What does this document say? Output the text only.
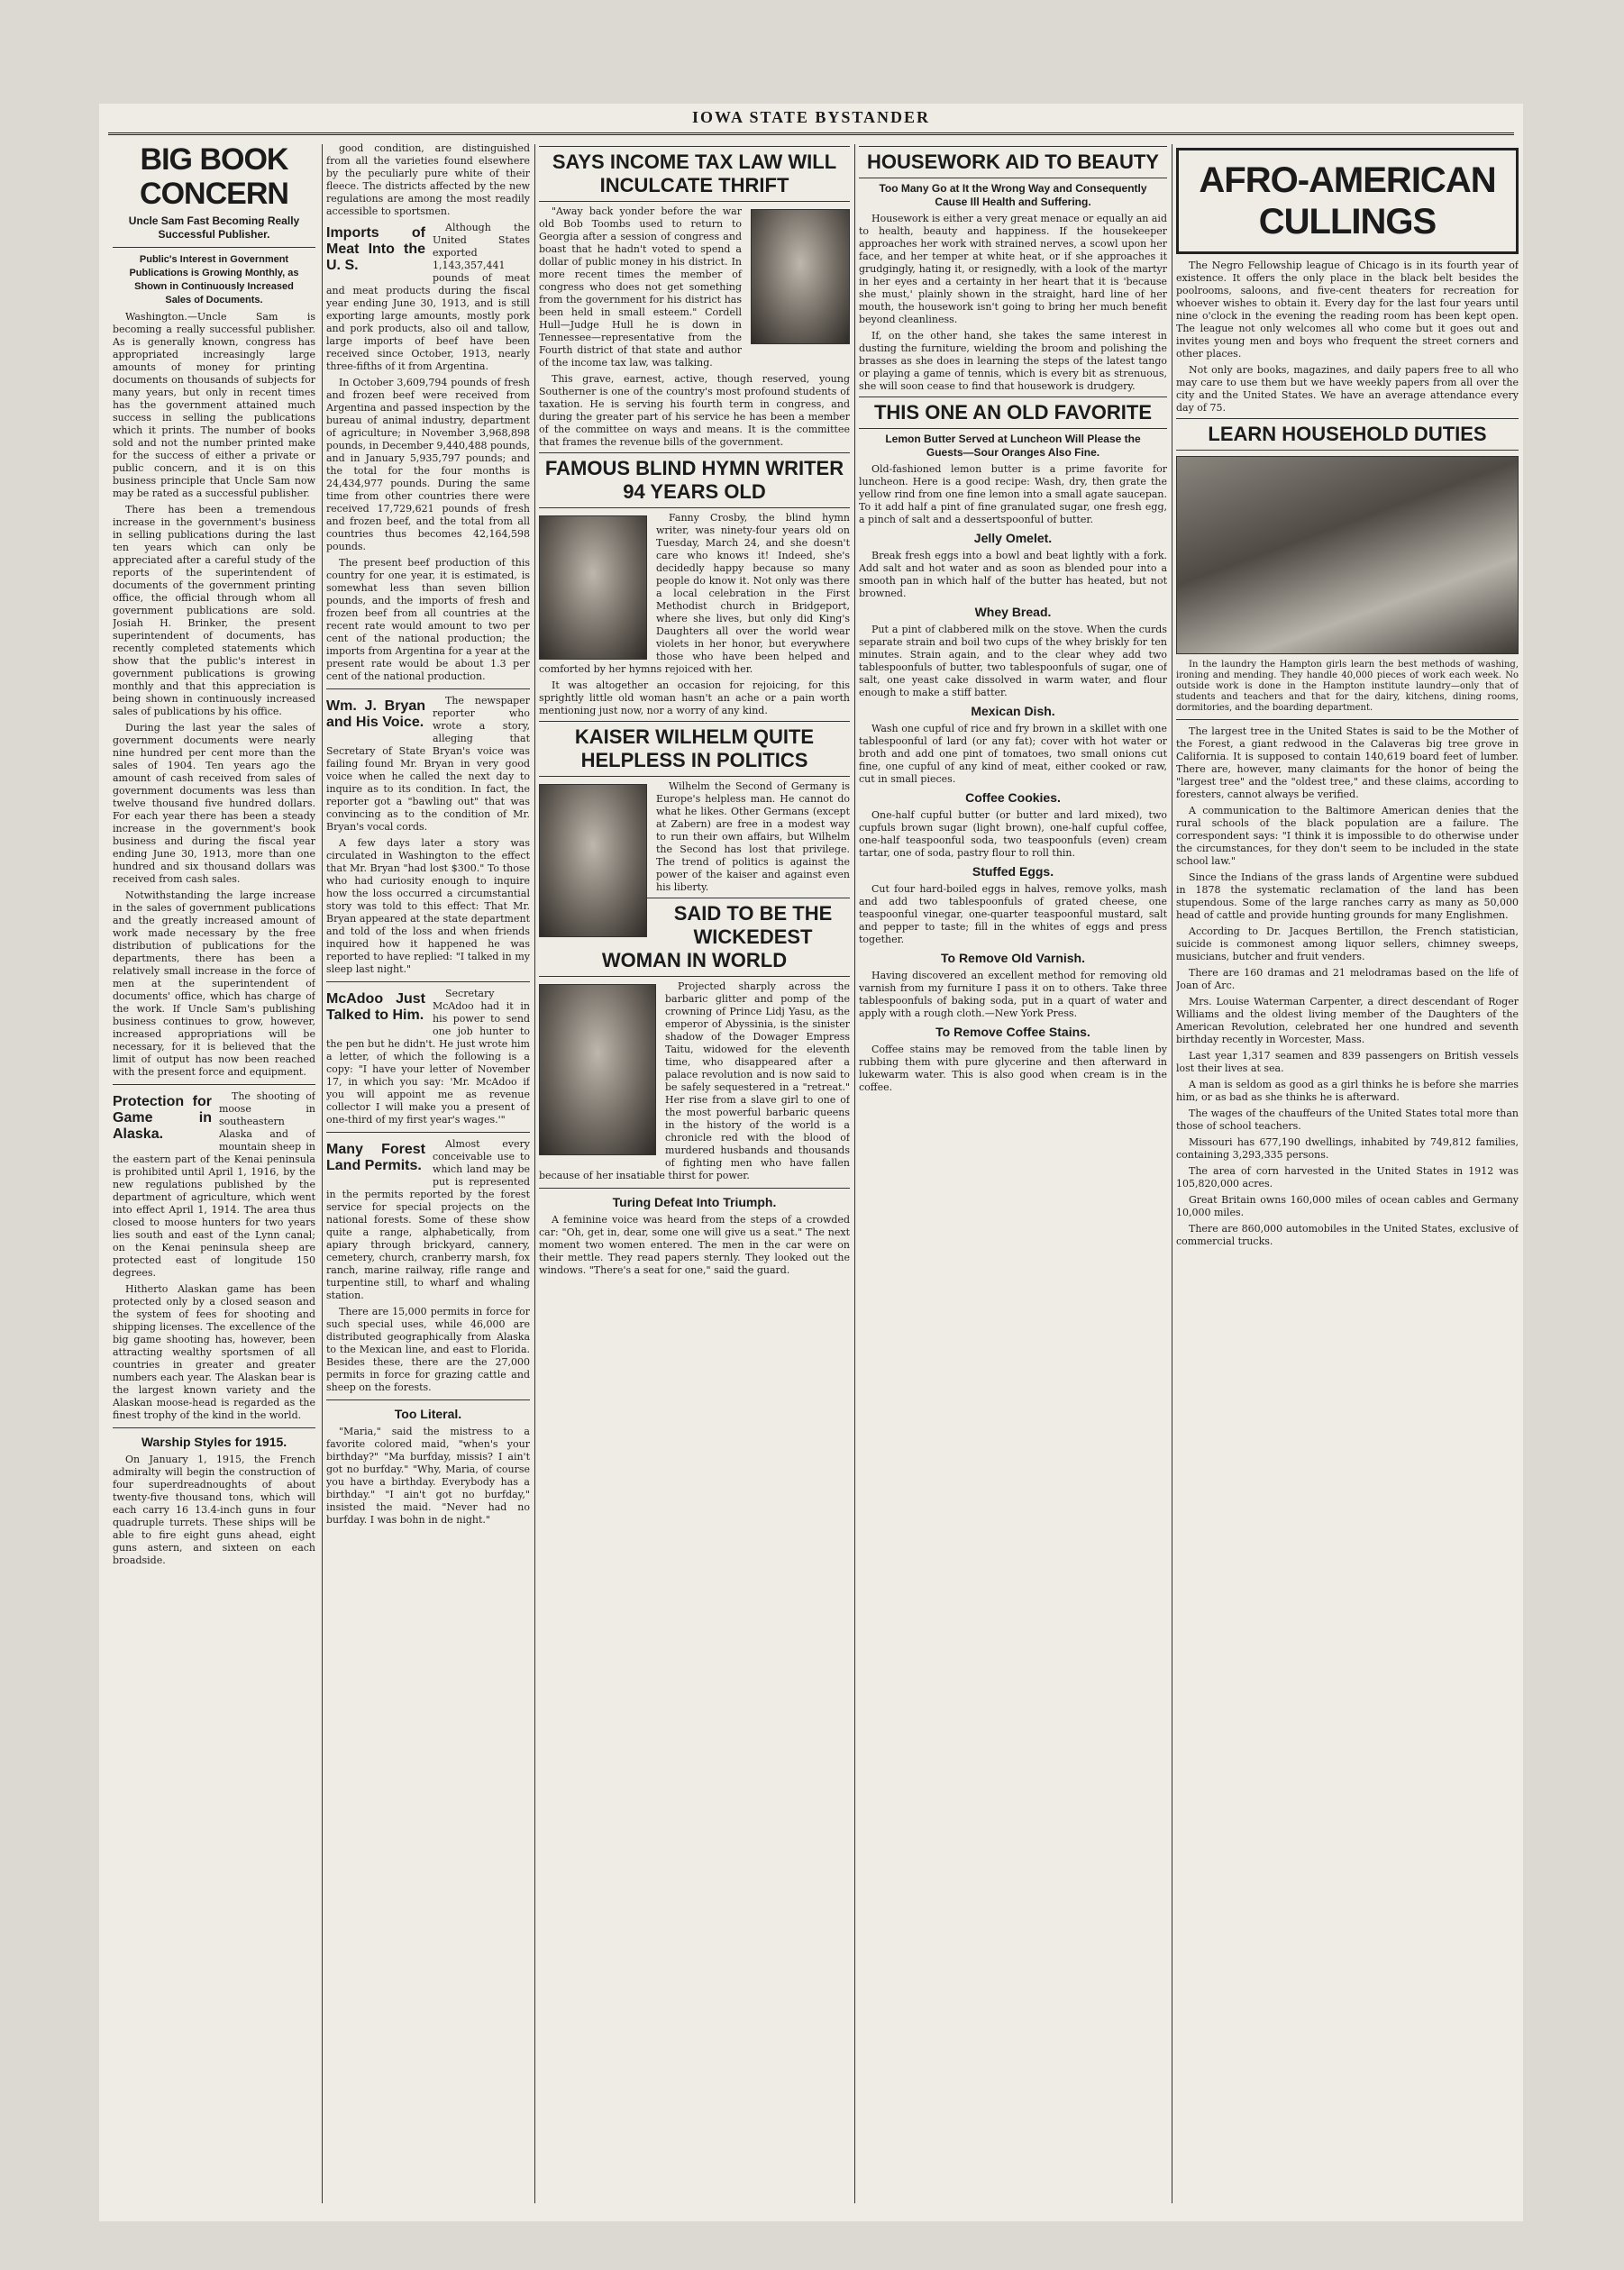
IOWA STATE BYSTANDER
BIG BOOK CONCERN
Uncle Sam Fast Becoming Really Successful Publisher.
Public's Interest in Government Publications is Growing Monthly, as Shown in Continuously Increased Sales of Documents.

Washington.—Uncle Sam is becoming a really successful publisher. As is generally known, congress has appropriated increasingly large amounts of money for printing documents on thousands of subjects for many years, but only in recent times has the government attained much success in selling the publications which it prints. The number of books sold and not the number printed make for the success of either a private or public concern, and it is on this business principle that Uncle Sam now may be rated as a successful publisher.

There has been a tremendous increase in the government's business in selling publications during the last ten years which can only be appreciated after a careful study of the reports of the superintendent of documents of the government printing office, the official through whom all government publications are sold. Josiah H. Brinker, the present superintendent of documents, has recently completed statements which show that the public's interest in government publications is growing monthly and that this appreciation is being shown in continuously increased sales of publications by his office.

During the last year the sales of government documents were nearly nine hundred per cent more than the sales of 1904. Ten years ago the amount of cash received from sales of government documents was less than twelve thousand five hundred dollars. For each year there has been a steady increase in the government's book business and during the fiscal year ending June 30, 1913, more than one hundred and six thousand dollars was received from cash sales.

Notwithstanding the large increase in the sales of government publications and the greatly increased amount of work made necessary by the free distribution of publications for the departments, there has been a relatively small increase in the force of men at the superintendent of documents' office, which has charge of the work. If Uncle Sam's publishing business continues to grow, however, increased appropriations will be necessary, for it is believed that the limit of output has now been reached with the present force and equipment.

Protection for Game in Alaska.

The shooting of moose in southeastern Alaska and of mountain sheep in the eastern part of the Kenai peninsula is prohibited until April 1, 1916, by the new regulations published by the department of agriculture, which went into effect April 1, 1914. The area thus closed to moose hunters for two years lies south and east of the Lynn canal; on the Kenai peninsula sheep are protected east of longitude 150 degrees.

Hitherto Alaskan game has been protected only by a closed season and the system of fees for shooting and shipping licenses. The excellence of the big game shooting has, however, been attracting wealthy sportsmen of all countries in greater and greater numbers each year. The Alaskan bear is the largest known variety and the Alaskan moose-head is regarded as the finest trophy of the kind in the world.

Warship Styles for 1915.

On January 1, 1915, the French admiralty will begin the construction of four superdreadnoughts of about twenty-five thousand tons, which will each carry 16 13.4-inch guns in four quadruple turrets. These ships will be able to fire eight guns ahead, eight guns astern, and sixteen on each broadside.

good condition, are distinguished from all the varieties found elsewhere by the peculiarly pure white of their fleece. The districts affected by the new regulations are among the most readily accessible to sportsmen.

Imports of Meat Into the U. S.

Although the United States exported 1,143,357,441 pounds of meat and meat products during the fiscal year ending June 30, 1913, and is still exporting large amounts, mostly pork and pork products, also oil and tallow, large imports of beef have been received since October, 1913, nearly three-fifths of it from Argentina.

In October 3,609,794 pounds of fresh and frozen beef were received from Argentina and passed inspection by the bureau of animal industry, department of agriculture; in November 3,968,898 pounds, in December 9,440,488 pounds, and in January 5,935,797 pounds; and the total for the four months is 24,434,977 pounds. During the same time from other countries there were received 17,729,621 pounds of fresh and frozen beef, and the total from all countries thus becomes 42,164,598 pounds.

The present beef production of this country for one year, it is estimated, is somewhat less than seven billion pounds, and the imports of fresh and frozen beef from all countries at the recent rate would amount to two per cent of the national production; the imports from Argentina for a year at the present rate would be about 1.3 per cent of the national production.

Wm. J. Bryan and His Voice.

The newspaper reporter who wrote a story, alleging that Secretary of State Bryan's voice was failing found Mr. Bryan in very good voice when he called the next day to inquire as to its condition. In fact, the reporter got a "bawling out" that was convincing as to the condition of Mr. Bryan's vocal cords.

A few days later a story was circulated in Washington to the effect that Mr. Bryan "had lost $300." To those who had curiosity enough to inquire how the loss occurred a circumstantial story was told to this effect: That Mr. Bryan appeared at the state department and told of the loss and when friends inquired how it happened he was reported to have replied: "I talked in my sleep last night."

McAdoo Just Talked to Him.

Secretary McAdoo had it in his power to send one job hunter to the pen but he didn't. He just wrote him a letter, of which the following is a copy: "I have your letter of November 17, in which you say: 'Mr. McAdoo if you will appoint me as revenue collector I will make you a present of one-third of my first year's wages.'"

Many Forest Land Permits.

Almost every conceivable use to which land may be put is represented in the permits reported by the forest service for special projects on the national forests. Some of these show quite a range, alphabetically, from apiary through brickyard, cannery, cemetery, church, cranberry marsh, fox ranch, marine railway, rifle range and turpentine still, to wharf and whaling station.

There are 15,000 permits in force for such special uses, while 46,000 are distributed geographically from Alaska to the Mexican line, and east to Florida. Besides these, there are the 27,000 permits in force for grazing cattle and sheep on the forests.

Too Literal.

"Maria," said the mistress to a favorite colored maid, "when's your birthday?" "Ma burfday, missis? I ain't got no burfday." "Why, Maria, of course you have a birthday. Everybody has a birthday." "I ain't got no burfday," insisted the maid. "Never had no burfday. I was bohn in de night."

SAYS INCOME TAX LAW WILL INCULCATE THRIFT

"Away back yonder before the war old Bob Toombs used to return to Georgia after a session of congress and boast that he hadn't voted to spend a dollar of public money in his district. In more recent times the member of congress who does not get something from the government for his district has been held in small esteem." Cordell Hull—Judge Hull he is down in Tennessee—representative from the Fourth district of that state and author of the income tax law, was talking.

This grave, earnest, active, though reserved, young Southerner is one of the country's most profound students of taxation. He is serving his fourth term in congress, and during the greater part of his service he has been a member of the committee on ways and means. It is the committee that frames the revenue bills of the government.

FAMOUS BLIND HYMN WRITER 94 YEARS OLD

Fanny Crosby, the blind hymn writer, was ninety-four years old on Tuesday, March 24, and she doesn't care who knows it! Indeed, she's decidedly happy because so many people do know it. Not only was there a local celebration in the First Methodist church in Bridgeport, where she lives, but only did King's Daughters all over the world wear violets in her honor, but everywhere those who have been helped and comforted by her hymns rejoiced with her.

It was altogether an occasion for rejoicing, for this sprightly little old woman hasn't an ache or a pain worth mentioning just now, nor a worry of any kind.

KAISER WILHELM QUITE HELPLESS IN POLITICS

Wilhelm the Second of Germany is Europe's helpless man. He cannot do what he likes. Other Germans (except at Zabern) are free in a modest way to run their own affairs, but Wilhelm the Second has lost that privilege. The trend of politics is against the power of the kaiser and against even his liberty.

SAID TO BE THE WICKEDEST WOMAN IN WORLD

Projected sharply across the barbaric glitter and pomp of the crowning of Prince Lidj Yasu, as the emperor of Abyssinia, is the sinister shadow of the Dowager Empress Taitu, widowed for the eleventh time, who disappeared after a palace revolution and is now said to be safely sequestered in a "retreat." Her rise from a slave girl to one of the most powerful barbaric queens in the history of the world is a chronicle red with the blood of murdered husbands and thousands of fighting men who have fallen because of her insatiable thirst for power.

Turing Defeat Into Triumph.

A feminine voice was heard from the steps of a crowded car: "Oh, get in, dear, some one will give us a seat." The next moment two women entered. The men in the car were on their mettle. They read papers sternly. They looked out the windows. "There's a seat for one," said the guard.

HOUSEWORK AID TO BEAUTY
Too Many Go at It the Wrong Way and Consequently Cause Ill Health and Suffering.

Housework is either a very great menace or equally an aid to health, beauty and happiness. If the housekeeper approaches her work with strained nerves, a scowl upon her face, and her temper at white heat, or if she approaches it grudgingly, hating it, or resignedly, with a look of the martyr in her eyes and a certainty in her heart that it is 'because she must,' plainly shown in the straight, hard line of her mouth, the housework isn't going to bring her much benefit beyond cleanliness.

If, on the other hand, she takes the same interest in dusting the furniture, wielding the broom and polishing the brasses as she does in learning the steps of the latest tango or playing a game of tennis, which is every bit as strenuous, she will soon cease to find that housework is drudgery.

THIS ONE AN OLD FAVORITE
Lemon Butter Served at Luncheon Will Please the Guests—Sour Oranges Also Fine.

Old-fashioned lemon butter is a prime favorite for luncheon. Here is a good recipe: Wash, dry, then grate the yellow rind from one fine lemon into a small agate saucepan. To it add half a pint of fine granulated sugar, one fresh egg, a pinch of salt and a dessertspoonful of butter.

Jelly Omelet.

Break fresh eggs into a bowl and beat lightly with a fork. Add salt and hot water and as soon as blended pour into a smooth pan in which half of the butter has heated, but not browned.

Whey Bread.

Put a pint of clabbered milk on the stove. When the curds separate strain and boil two cups of the whey briskly for ten minutes. Strain again, and to the clear whey add two tablespoonfuls of butter, two tablespoonfuls of sugar, one of salt, one yeast cake dissolved in warm water, and flour enough to make a stiff batter.

Mexican Dish.

Wash one cupful of rice and fry brown in a skillet with one tablespoonful of lard (or any fat); cover with hot water or broth and add one pint of tomatoes, two small onions cut fine, one cupful of any kind of meat, either cooked or raw, cut in small pieces.

Coffee Cookies.

One-half cupful butter (or butter and lard mixed), two cupfuls brown sugar (light brown), one-half cupful coffee, one-half teaspoonful soda, two teaspoonfuls (even) cream tartar, one of soda, pastry flour to roll thin.

Stuffed Eggs.

Cut four hard-boiled eggs in halves, remove yolks, mash and add two tablespoonfuls of grated cheese, one teaspoonful vinegar, one-quarter teaspoonful mustard, salt and pepper to taste; fill in the whites of eggs and press together.

To Remove Old Varnish.

Having discovered an excellent method for removing old varnish from my furniture I pass it on to others. Take three tablespoonfuls of baking soda, put in a quart of water and apply with a rough cloth.—New York Press.

To Remove Coffee Stains.

Coffee stains may be removed from the table linen by rubbing them with pure glycerine and then afterward in lukewarm water. This is also good when cream is in the coffee.

AFRO-AMERICAN CULLINGS

The Negro Fellowship league of Chicago is in its fourth year of existence. It offers the only place in the black belt besides the poolrooms, saloons, and five-cent theaters for recreation for whoever wishes to obtain it. Every day for the last four years until nine o'clock in the evening the reading room has been kept open. The league not only welcomes all who come but it goes out and invites young men and boys who frequent the street corners and other places.

Not only are books, magazines, and daily papers free to all who may care to use them but we have weekly papers from all over the city and the United States. We have an average attendance every day of 75.

LEARN HOUSEHOLD DUTIES

In the laundry the Hampton girls learn the best methods of washing, ironing and mending. They handle 40,000 pieces of work each week. No outside work is done in the Hampton institute laundry—only that of students and teachers and that for the dairy, kitchens, dining rooms, dormitories, and the boarding department.

The largest tree in the United States is said to be the Mother of the Forest, a giant redwood in the Calaveras big tree grove in California. It is supposed to contain 140,619 board feet of lumber. There are, however, many claimants for the honor of being the "largest tree" and the "oldest tree," and these claims, according to foresters, cannot always be verified.

A communication to the Baltimore American denies that the rural schools of the black population are a failure. The correspondent says: "I think it is impossible to do otherwise under the circumstances, for they don't seem to be included in the state school law."

Since the Indians of the grass lands of Argentine were subdued in 1878 the systematic reclamation of the land has been stupendous. Some of the large ranches carry as many as 50,000 head of cattle and provide hunting grounds for many Englishmen.

According to Dr. Jacques Bertillon, the French statistician, suicide is commonest among liquor sellers, chimney sweeps, musicians, butcher and fruit venders.

There are 160 dramas and 21 melodramas based on the life of Joan of Arc.

Mrs. Louise Waterman Carpenter, a direct descendant of Roger Williams and the oldest living member of the Daughters of the American Revolution, celebrated her one hundred and seventh birthday recently in Worcester, Mass.

Last year 1,317 seamen and 839 passengers on British vessels lost their lives at sea.

A man is seldom as good as a girl thinks he is before she marries him, or as bad as she thinks he is afterward.

The wages of the chauffeurs of the United States total more than those of school teachers.

Missouri has 677,190 dwellings, inhabited by 749,812 families, containing 3,293,335 persons.

The area of corn harvested in the United States in 1912 was 105,820,000 acres.

Great Britain owns 160,000 miles of ocean cables and Germany 10,000 miles.

There are 860,000 automobiles in the United States, exclusive of commercial trucks.
